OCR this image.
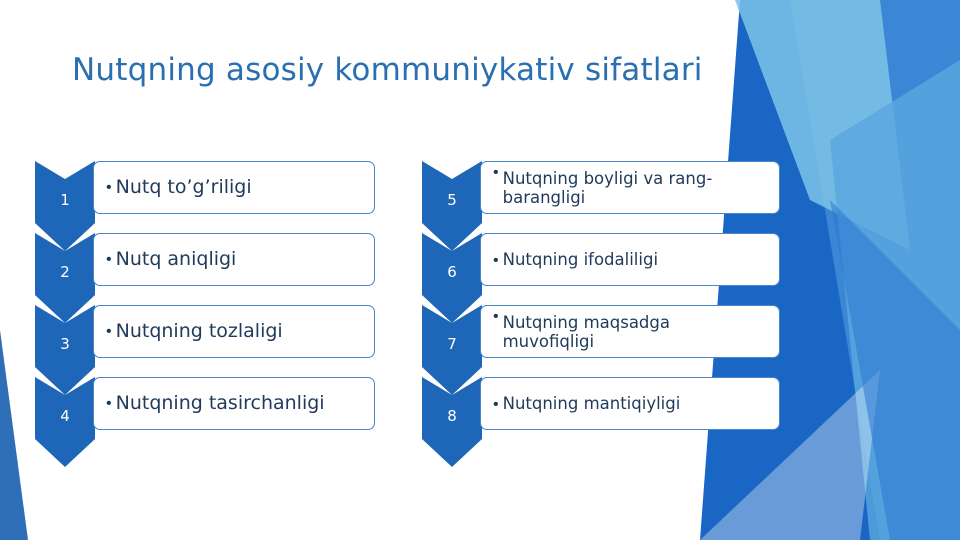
Nutqning asosiy kommuniykativ sifatlari
1
• Nutq to’g’riligi
2
• Nutq aniqligi
3
• Nutqning tozlaligi
4
• Nutqning tasirchanligi
5
• Nutqning boyligi va rang-barangligi
6
• Nutqning ifodaliligi
7
• Nutqning maqsadga muvofiqligi
8
• Nutqning mantiqiyligi
